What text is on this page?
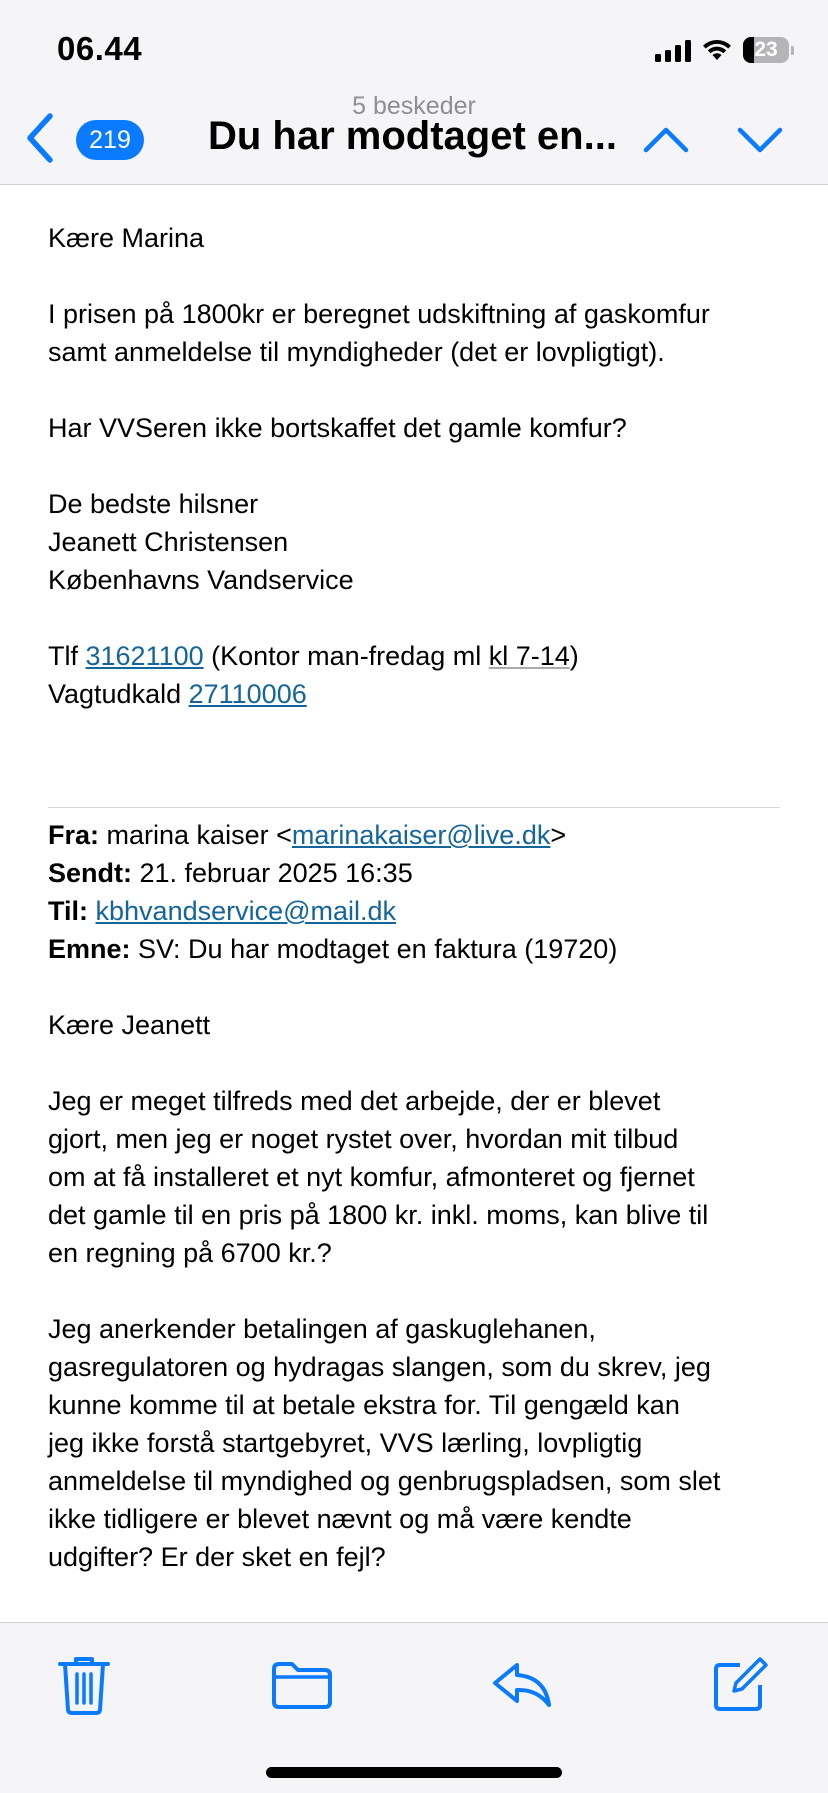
06.44	23
5 beskeder
219	Du har modtaget en...

Kære Marina

I prisen på 1800kr er beregnet udskiftning af gaskomfur

samt anmeldelse til myndigheder (det er lovpligtigt).

Har VVSeren ikke bortskaffet det gamle komfur?

De bedste hilsner

Jeanett Christensen

Københavns Vandservice

Tlf 31621100 (Kontor man-fredag ml kl 7-14)

Vagtudkald 27110006

Fra: marina kaiser <marinakaiser@live.dk>

Sendt: 21. februar 2025 16:35

Til: kbhvandservice@mail.dk

Emne: SV: Du har modtaget en faktura (19720)

Kære Jeanett

Jeg er meget tilfreds med det arbejde, der er blevet

gjort, men jeg er noget rystet over, hvordan mit tilbud

om at få installeret et nyt komfur, afmonteret og fjernet

det gamle til en pris på 1800 kr. inkl. moms, kan blive til

en regning på 6700 kr.?

Jeg anerkender betalingen af gaskuglehanen,

gasregulatoren og hydragas slangen, som du skrev, jeg

kunne komme til at betale ekstra for. Til gengæld kan

jeg ikke forstå startgebyret, VVS lærling, lovpligtig

anmeldelse til myndighed og genbrugspladsen, som slet

ikke tidligere er blevet nævnt og må være kendte

udgifter? Er der sket en fejl?
